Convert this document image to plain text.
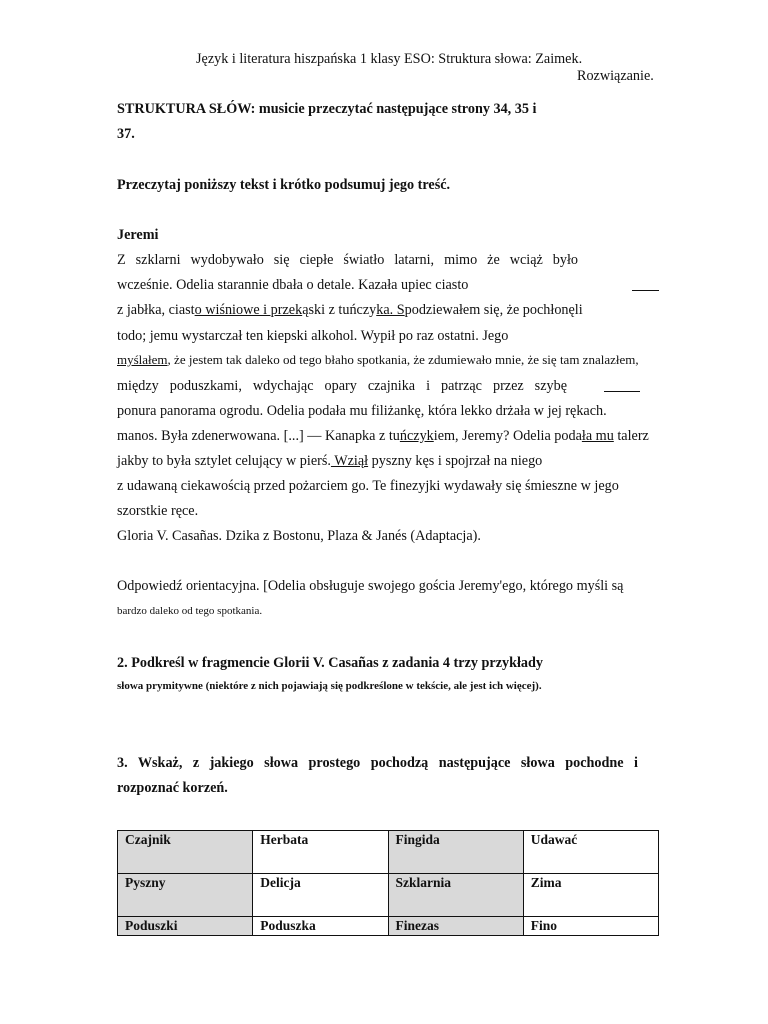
Język i literatura hiszpańska 1 klasy ESO: Struktura słowa: Zaimek.
Rozwiązanie.
STRUKTURA SŁÓW: musicie przeczytać następujące strony 34, 35 i
37.
Przeczytaj poniższy tekst i krótko podsumuj jego treść.
Jeremi
Z szklarni wydobywało się ciepłe światło latarni, mimo że wciąż było
wcześnie. Odelia starannie dbała o detale. Kazała upiec ciasto
z jabłka, ciasto wiśniowe i przekąski z tuńczyka. Spodziewałem się, że pochłonęli
todo; jemu wystarczał ten kiepski alkohol. Wypił po raz ostatni. Jego
myślałem, że jestem tak daleko od tego błaho spotkania, że zdumiewało mnie, że się tam znalazłem,
między poduszkami, wdychając opary czajnika i patrząc przez szybę
ponura panorama ogrodu. Odelia podała mu filiżankę, która lekko drżała w jej rękach.
manos. Była zdenerwowana. [...] — Kanapka z tuńczykiem, Jeremy? Odelia podała mu talerz
jakby to była sztylet celujący w pierś. Wziął pyszny kęs i spojrzał na niego
z udawaną ciekawością przed pożarciem go. Te finezyjki wydawały się śmieszne w jego
szorstkie ręce.
Gloria V. Casañas. Dzika z Bostonu, Plaza & Janés (Adaptacja).
Odpowiedź orientacyjna. [Odelia obsługuje swojego gościa Jeremy'ego, którego myśli są
bardzo daleko od tego spotkania.
2. Podkreśl w fragmencie Glorii V. Casañas z zadania 4 trzy przykłady
słowa prymitywne (niektóre z nich pojawiają się podkreślone w tekście, ale jest ich więcej).
3. Wskaż, z jakiego słowa prostego pochodzą następujące słowa pochodne i
rozpoznać korzeń.
Czajnik	Herbata	Fingida	Udawać
Pyszny	Delicja	Szklarnia	Zima
Poduszki	Poduszka	Finezas	Fino
